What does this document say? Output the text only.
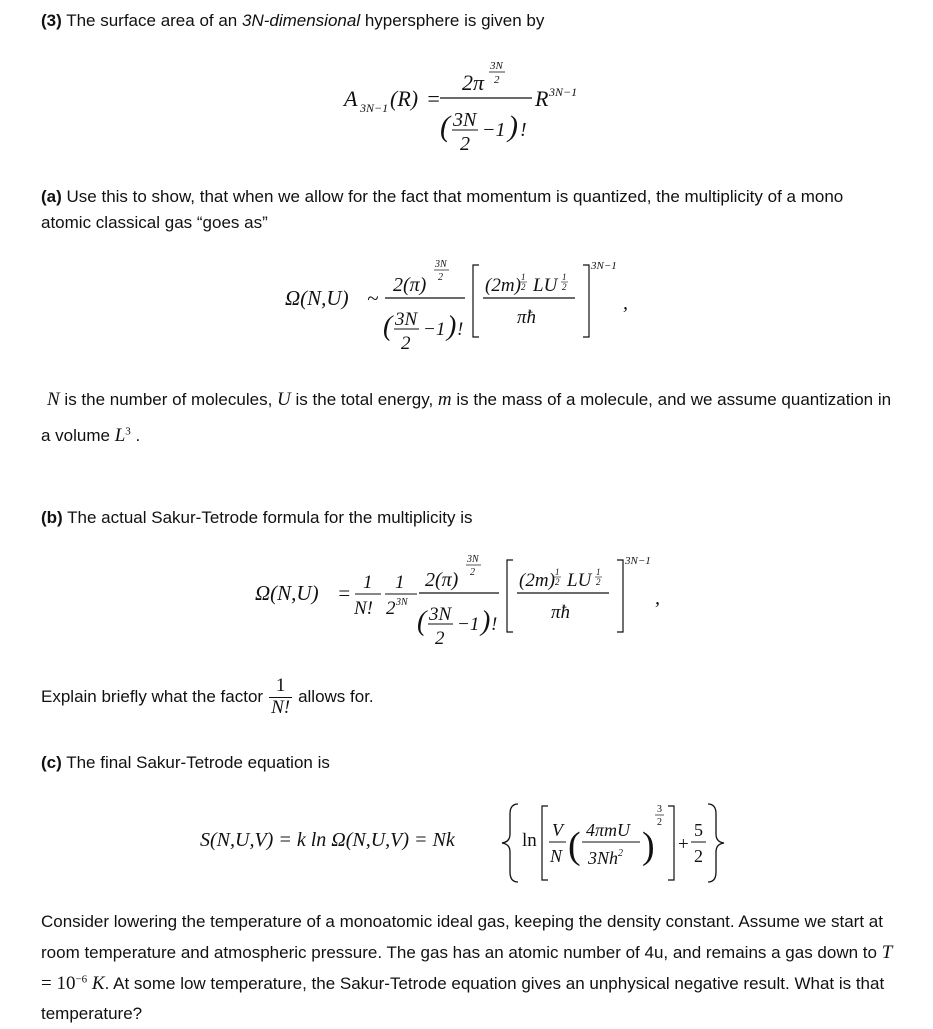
(3) The surface area of an 3N-dimensional hypersphere is given by
A 3N−1 (R) =
2π
3N
2
( 3N
2
−1 ) !
R 3N−1
(a) Use this to show, that when we allow for the fact that momentum is quantized, the multiplicity of a mono atomic classical gas “goes as”
Ω(N,U) ~
2(π)
3N
2
( 3N
2
−1 ) !
(2m) 1
2 LU 1
2
πħ
3N−1
,
N is the number of molecules, U is the total energy, m is the mass of a molecule, and we assume quantization in a volume $L^3$ .
(b) The actual Sakur-Tetrode formula for the multiplicity is
Ω(N,U) = 1
N!
1
2 3N
2(π)
3N
2
( 3N
2
−1 ) !
(2m) 1
2 LU 1
2
πħ
3N−1
,
Explain briefly what the factor $\frac{1}{N!}$ allows for.
(c) The final Sakur-Tetrode equation is
S(N,U,V) = k ln Ω(N,U,V) = Nk	ln V
N ( 4πmU
3Nh$^2$ )
3
2
+
5
2
Consider lowering the temperature of a monoatomic ideal gas, keeping the density constant. Assume we start at room temperature and atmospheric pressure. The gas has an atomic number of 4u, and remains a gas down to $T = 10^{-6}$ K. At some low temperature, the Sakur-Tetrode equation gives an unphysical negative result. What is that temperature?
